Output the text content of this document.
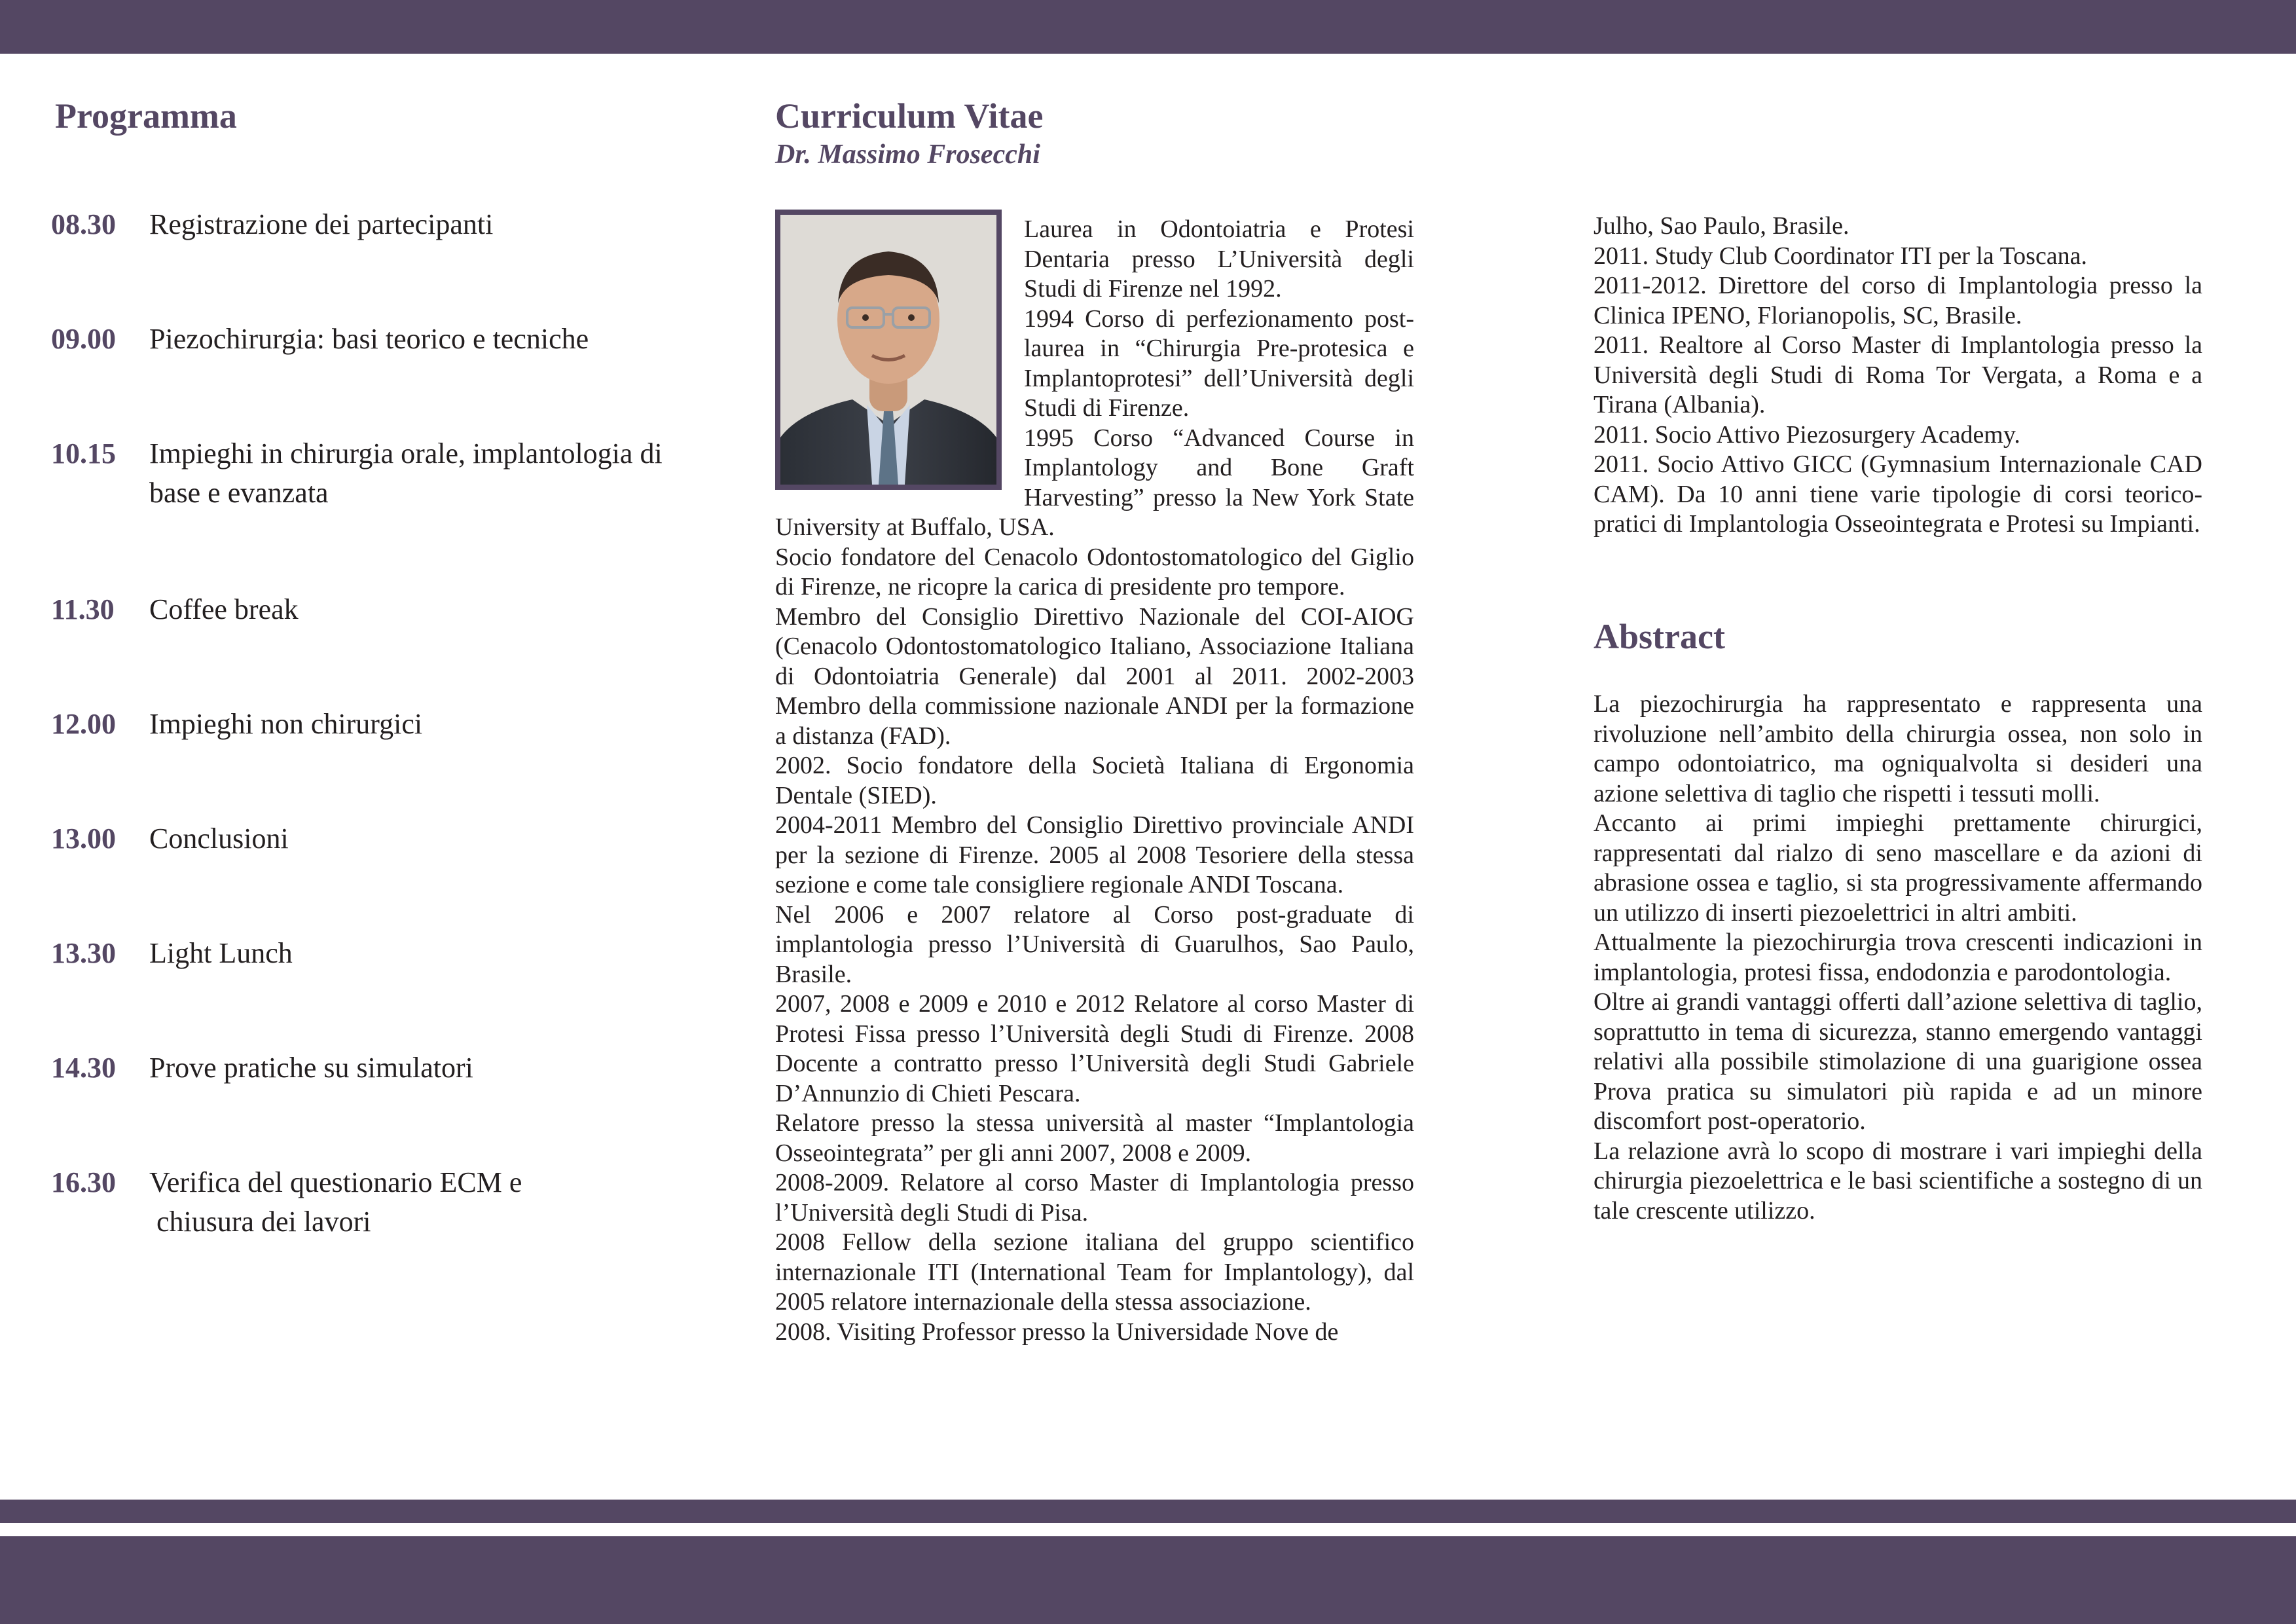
Programma
08.30 Registrazione dei partecipanti
09.00 Piezochirurgia: basi teorico e tecniche
10.15 Impieghi in chirurgia orale, implantologia di
base e evanzata
11.30 Coffee break
12.00 Impieghi non chirurgici
13.00 Conclusioni
13.30 Light Lunch
14.30 Prove pratiche su simulatori
16.30 Verifica del questionario ECM e
chiusura dei lavori
Curriculum Vitae
Dr. Massimo Frosecchi

Laurea in Odontoiatria e Protesi Dentaria presso L’Università degli Studi di Firenze nel 1992.

1994 Corso di perfezionamento post-laurea in “Chirurgia Pre-protesica e Implantoprotesi” dell’Università degli Studi di Firenze.

1995 Corso “Advanced Course in Implantology and Bone Graft Harvesting” presso la New York State University at Buffalo, USA.

Socio fondatore del Cenacolo Odontostomatologico del Giglio di Firenze, ne ricopre la carica di presidente pro tempore.

Membro del Consiglio Direttivo Nazionale del COI-AIOG (Cenacolo Odontostomatologico Italiano, Associazione Italiana di Odontoiatria Generale) dal 2001 al 2011. 2002-2003 Membro della commissione nazionale ANDI per la formazione a distanza (FAD).

2002. Socio fondatore della Società Italiana di Ergonomia Dentale (SIED).

2004-2011 Membro del Consiglio Direttivo provinciale ANDI per la sezione di Firenze. 2005 al 2008 Tesoriere della stessa sezione e come tale consigliere regionale ANDI Toscana.

Nel 2006 e 2007 relatore al Corso post-graduate di implantologia presso l’Università di Guarulhos, Sao Paulo, Brasile.

2007, 2008 e 2009 e 2010 e 2012 Relatore al corso Master di Protesi Fissa presso l’Università degli Studi di Firenze. 2008 Docente a contratto presso l’Università degli Studi Gabriele D’Annunzio di Chieti Pescara.

Relatore presso la stessa università al master “Implantologia Osseointegrata” per gli anni 2007, 2008 e 2009.

2008-2009. Relatore al corso Master di Implantologia presso l’Università degli Studi di Pisa.

2008 Fellow della sezione italiana del gruppo scientifico internazionale ITI (International Team for Implantology), dal 2005 relatore internazionale della stessa associazione.

2008. Visiting Professor presso la Universidade Nove de

Julho, Sao Paulo, Brasile.

2011. Study Club Coordinator ITI per la Toscana.

2011-2012. Direttore del corso di Implantologia presso la Clinica IPENO, Florianopolis, SC, Brasile.

2011. Realtore al Corso Master di Implantologia presso la Università degli Studi di Roma Tor Vergata, a Roma e a Tirana (Albania).

2011. Socio Attivo Piezosurgery Academy.

2011. Socio Attivo GICC (Gymnasium Internazionale CAD CAM). Da 10 anni tiene varie tipologie di corsi teorico-pratici di Implantologia Osseointegrata e Protesi su Impianti.

Abstract

La piezochirurgia ha rappresentato e rappresenta una rivoluzione nell’ambito della chirurgia ossea, non solo in campo odontoiatrico, ma ogniqualvolta si desideri una azione selettiva di taglio che rispetti i tessuti molli.

Accanto ai primi impieghi prettamente chirurgici, rappresentati dal rialzo di seno mascellare e da azioni di abrasione ossea e taglio, si sta progressivamente affermando un utilizzo di inserti piezoelettrici in altri ambiti.

Attualmente la piezochirurgia trova crescenti indicazioni in implantologia, protesi fissa, endodonzia e parodontologia.

Oltre ai grandi vantaggi offerti dall’azione selettiva di taglio, soprattutto in tema di sicurezza, stanno emergendo vantaggi relativi alla possibile stimolazione di una guarigione ossea Prova pratica su simulatori più rapida e ad un minore discomfort post-operatorio.

La relazione avrà lo scopo di mostrare i vari impieghi della chirurgia piezoelettrica e le basi scientifiche a sostegno di un tale crescente utilizzo.
